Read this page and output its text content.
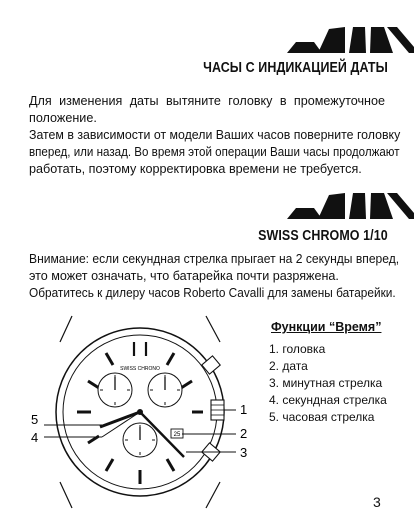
ЧАСЫ С ИНДИКАЦИЕЙ ДАТЫ
Для изменения даты вытяните головку в промежуточное
положение.
Затем в зависимости от модели Ваших часов поверните головку
вперед, или назад. Во время этой операции Ваши часы продолжают
работать, поэтому корректировка времени не требуется.
SWISS CHROMO 1/10
Внимание: если секундная стрелка прыгает на 2 секунды вперед,
это может означать, что батарейка почти разряжена.
Обратитесь к дилеру часов Roberto Cavalli для замены батарейки.
SWISS CHRONO
25
1
2
3
4
5
Функции “Время”
1. головка
2. дата
3. минутная стрелка
4. секундная стрелка
5. часовая стрелка
3
